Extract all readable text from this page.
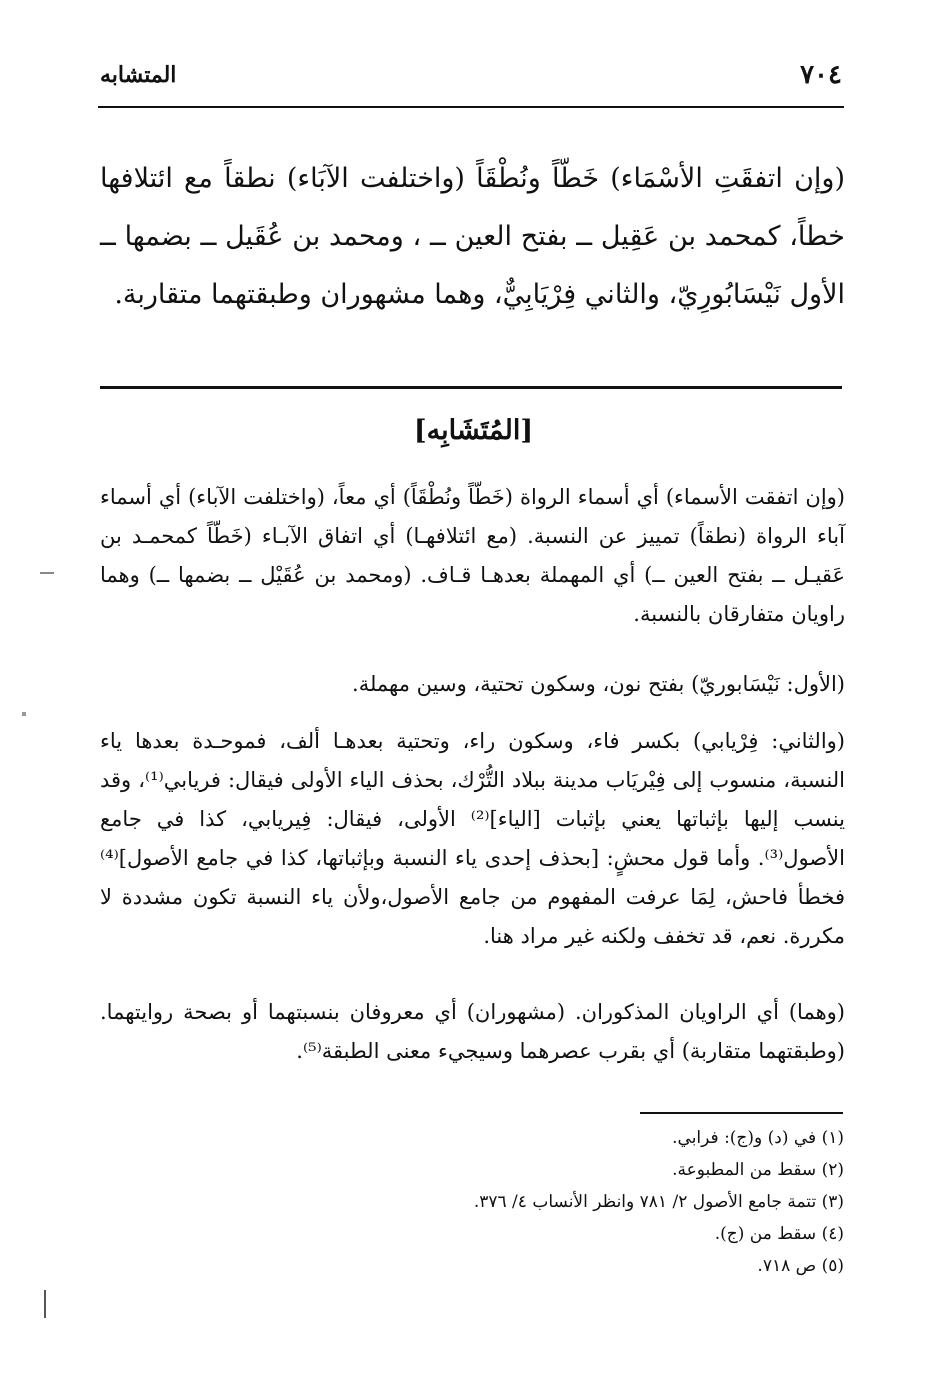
٧٠٤
المتشابه
(وإن اتفقَتِ الأسْمَاء) خَطّاً ونُطْقَاً (واختلفت الآبَاء) نطقاً مع ائتلافها خطاً، كمحمد بن عَقِيل ــ بفتح العين ــ ، ومحمد بن عُقَيل ــ بضمها ــ الأول نَيْسَابُورِيّ، والثاني فِرْيَابِيٌّ، وهما مشهوران وطبقتهما متقاربة.
[المُتَشَابِه]
(وإن اتفقت الأسماء) أي أسماء الرواة (خَطّاً ونُطْقَاً) أي معاً، (واختلفت الآباء) أي أسماء آباء الرواة (نطقاً) تمييز عن النسبة. (مع ائتلافهـا) أي اتفاق الآبـاء (خَطّاً كمحمـد بن عَقيـل ــ بفتح العين ــ) أي المهملة بعدهـا قـاف. (ومحمد بن عُقَيْل ــ بضمها ــ) وهما راويان متفارقان بالنسبة.
(الأول: نَيْسَابوريّ) بفتح نون، وسكون تحتية، وسين مهملة.
(والثاني: فِرْيابي) بكسر فاء، وسكون راء، وتحتية بعدهـا ألف، فموحـدة بعدها ياء النسبة، منسوب إلى فِيْريَاب مدينة ببلاد التُّرْك، بحذف الياء الأولى فيقال: فريابي⁽¹⁾، وقد ينسب إليها بإثباتها يعني بإثبات [الياء]⁽²⁾ الأولى، فيقال: فِيريابي، كذا في جامع الأصول⁽³⁾. وأما قول محشٍ: [بحذف إحدى ياء النسبة وبإثباتها، كذا في جامع الأصول]⁽⁴⁾ فخطأ فاحش، لِمَا عرفت المفهوم من جامع الأصول،ولأن ياء النسبة تكون مشددة لا مكررة. نعم، قد تخفف ولكنه غير مراد هنا.
(وهما) أي الراويان المذكوران. (مشهوران) أي معروفان بنسبتهما أو بصحة روايتهما. (وطبقتهما متقاربة) أي بقرب عصرهما وسيجيء معنى الطبقة⁽⁵⁾.
(١) في (د) و(ج): فرابي.
(٢) سقط من المطبوعة.
(٣) تتمة جامع الأصول ٢/ ٧٨١ وانظر الأنساب ٤/ ٣٧٦.
(٤) سقط من (ج).
(٥) ص ٧١٨.
